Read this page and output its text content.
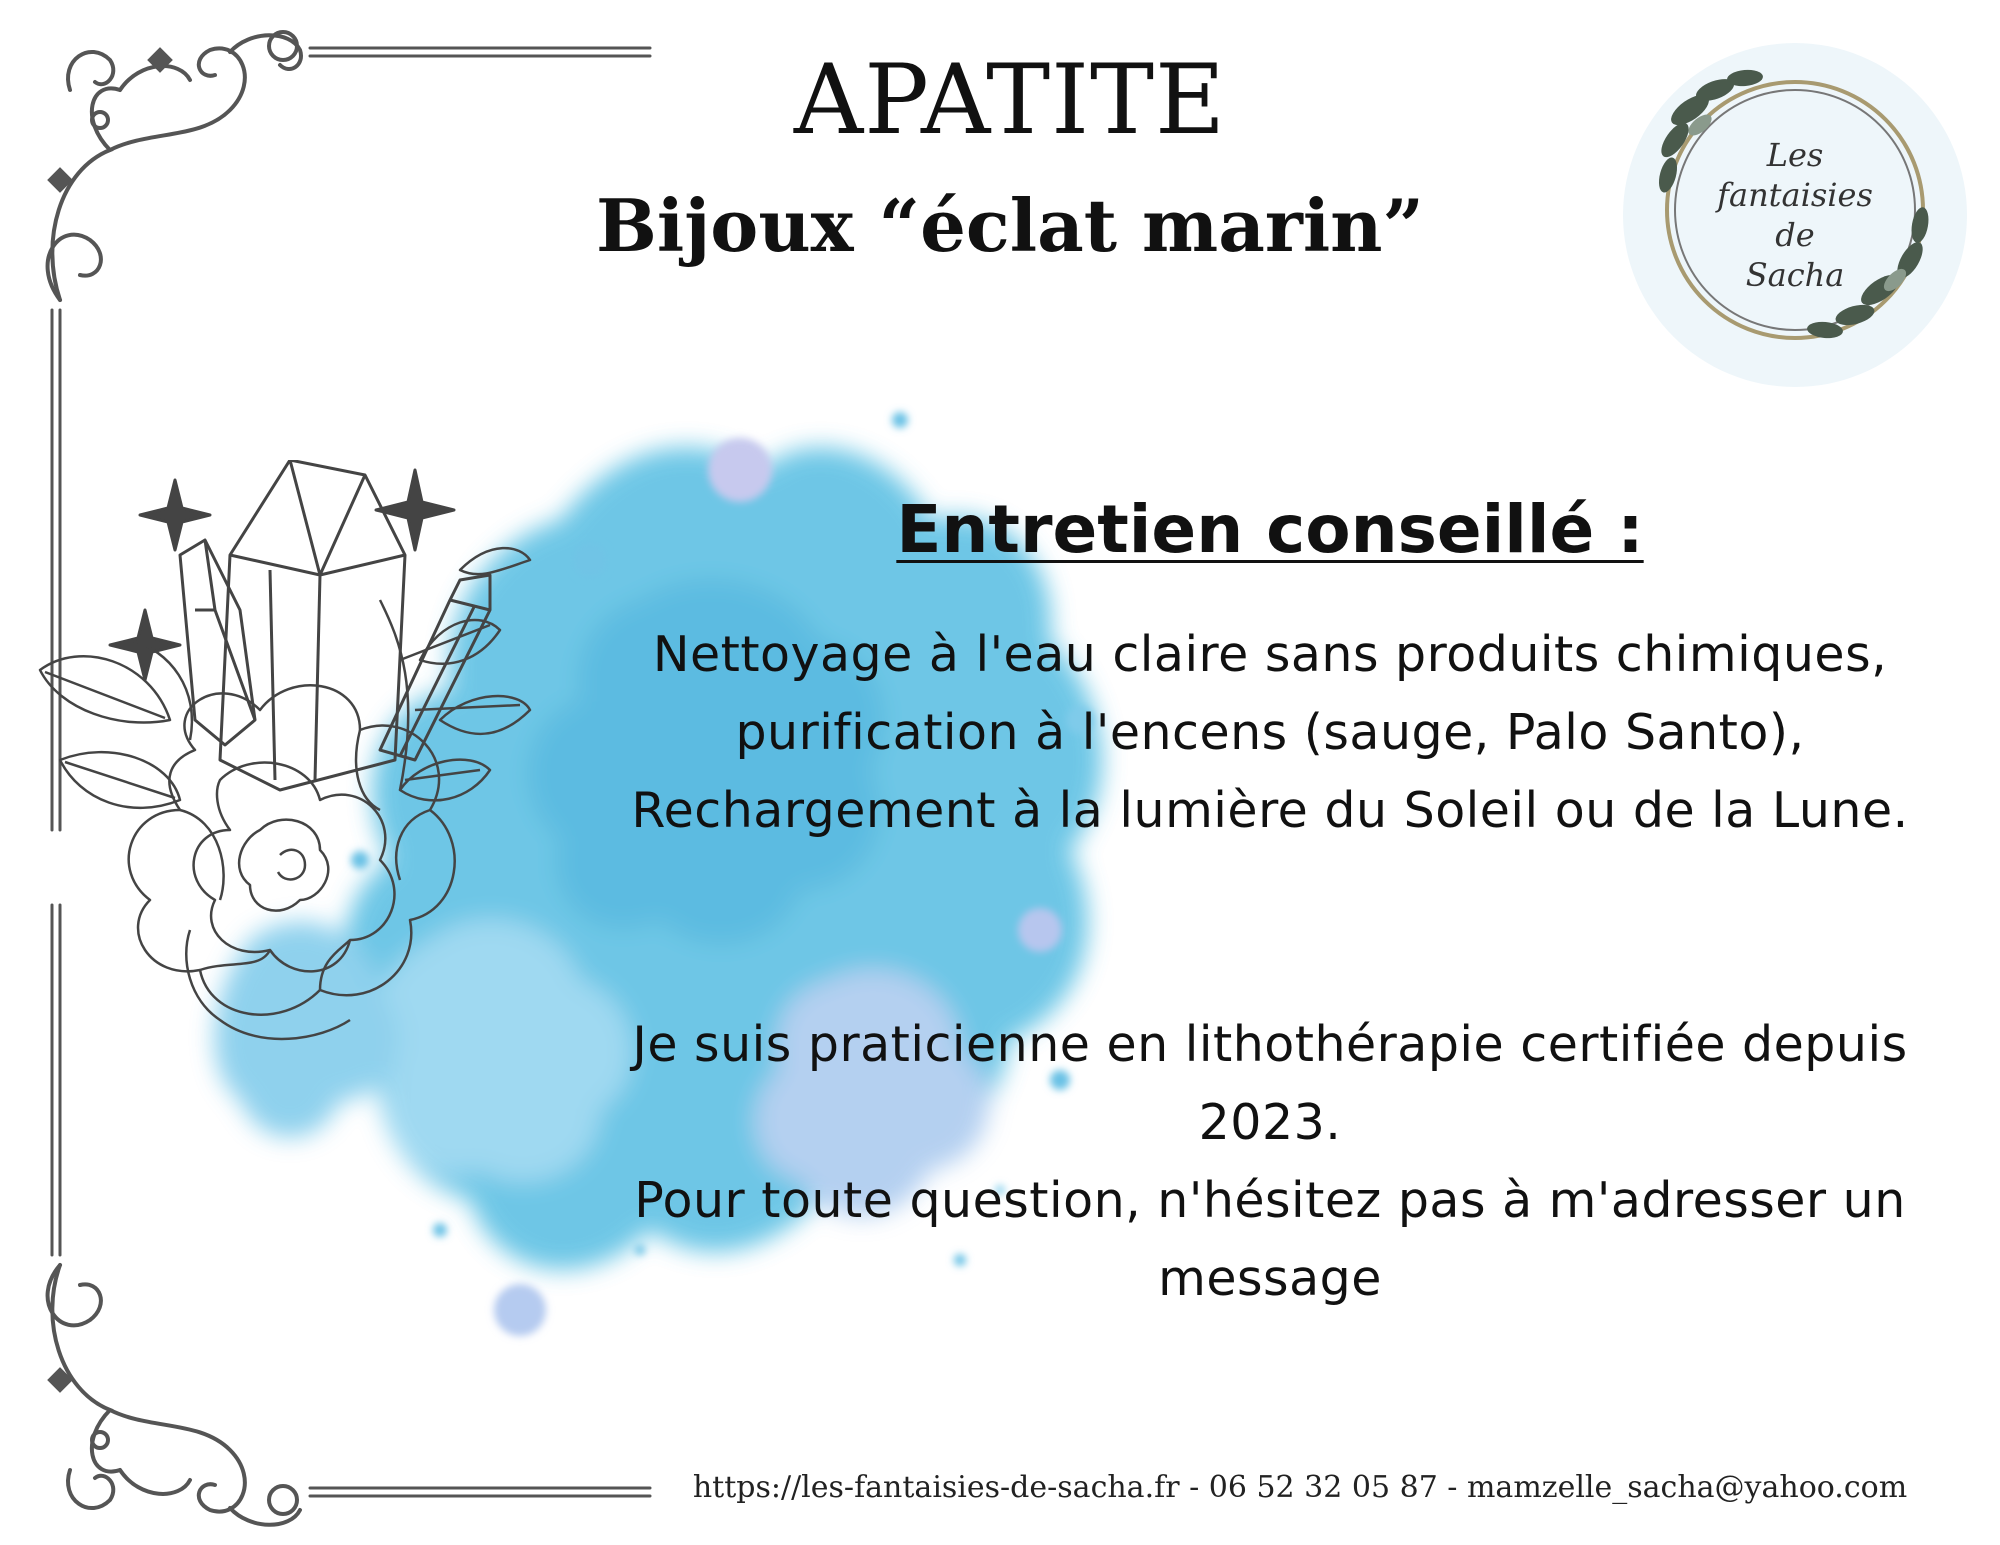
Les
fantaisies
de
Sacha
APATITE
Bijoux “éclat marin”
Entretien conseillé :

Nettoyage à l'eau claire sans produits chimiques, purification à l'encens (sauge, Palo Santo), Rechargement à la lumière du Soleil ou de la Lune.

Je suis praticienne en lithothérapie certifiée depuis 2023.
Pour toute question, n'hésitez pas à m'adresser un message

https://les-fantaisies-de-sacha.fr - 06 52 32 05 87 - mamzelle_sacha@yahoo.com
